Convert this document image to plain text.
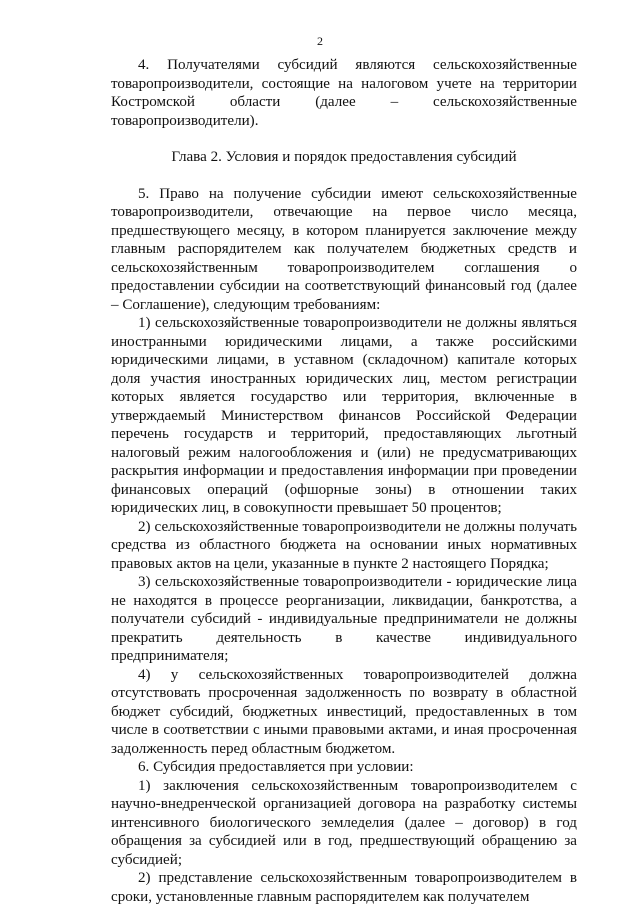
2

4. Получателями субсидий являются сельскохозяйственные товаропроизводители, состоящие на налоговом учете на территории Костромской области (далее – сельскохозяйственные товаропроизводители).

Глава 2. Условия и порядок предоставления субсидий

5. Право на получение субсидии имеют сельскохозяйственные товаропроизводители, отвечающие на первое число месяца, предшествующего месяцу, в котором планируется заключение между главным распорядителем как получателем бюджетных средств и сельскохозяйственным товаропроизводителем соглашения о предоставлении субсидии на соответствующий финансовый год (далее – Соглашение), следующим требованиям:

1) сельскохозяйственные товаропроизводители не должны являться иностранными юридическими лицами, а также российскими юридическими лицами, в уставном (складочном) капитале которых доля участия иностранных юридических лиц, местом регистрации которых является государство или территория, включенные в утверждаемый Министерством финансов Российской Федерации перечень государств и территорий, предоставляющих льготный налоговый режим налогообложения и (или) не предусматривающих раскрытия информации и предоставления информации при проведении финансовых операций (офшорные зоны) в отношении таких юридических лиц, в совокупности превышает 50 процентов;

2) сельскохозяйственные товаропроизводители не должны получать средства из областного бюджета на основании иных нормативных правовых актов на цели, указанные в пункте 2 настоящего Порядка;

3) сельскохозяйственные товаропроизводители - юридические лица не находятся в процессе реорганизации, ликвидации, банкротства, а получатели субсидий - индивидуальные предприниматели не должны прекратить деятельность в качестве индивидуального предпринимателя;

4) у сельскохозяйственных товаропроизводителей должна отсутствовать просроченная задолженность по возврату в областной бюджет субсидий, бюджетных инвестиций, предоставленных в том числе в соответствии с иными правовыми актами, и иная просроченная задолженность перед областным бюджетом.

6. Субсидия предоставляется при условии:

1) заключения сельскохозяйственным товаропроизводителем с научно-внедренческой организацией договора на разработку системы интенсивного биологического земледелия (далее – договор) в год обращения за субсидией или в год, предшествующий обращению за субсидией;

2) представление сельскохозяйственным товаропроизводителем в сроки, установленные главным распорядителем как получателем
